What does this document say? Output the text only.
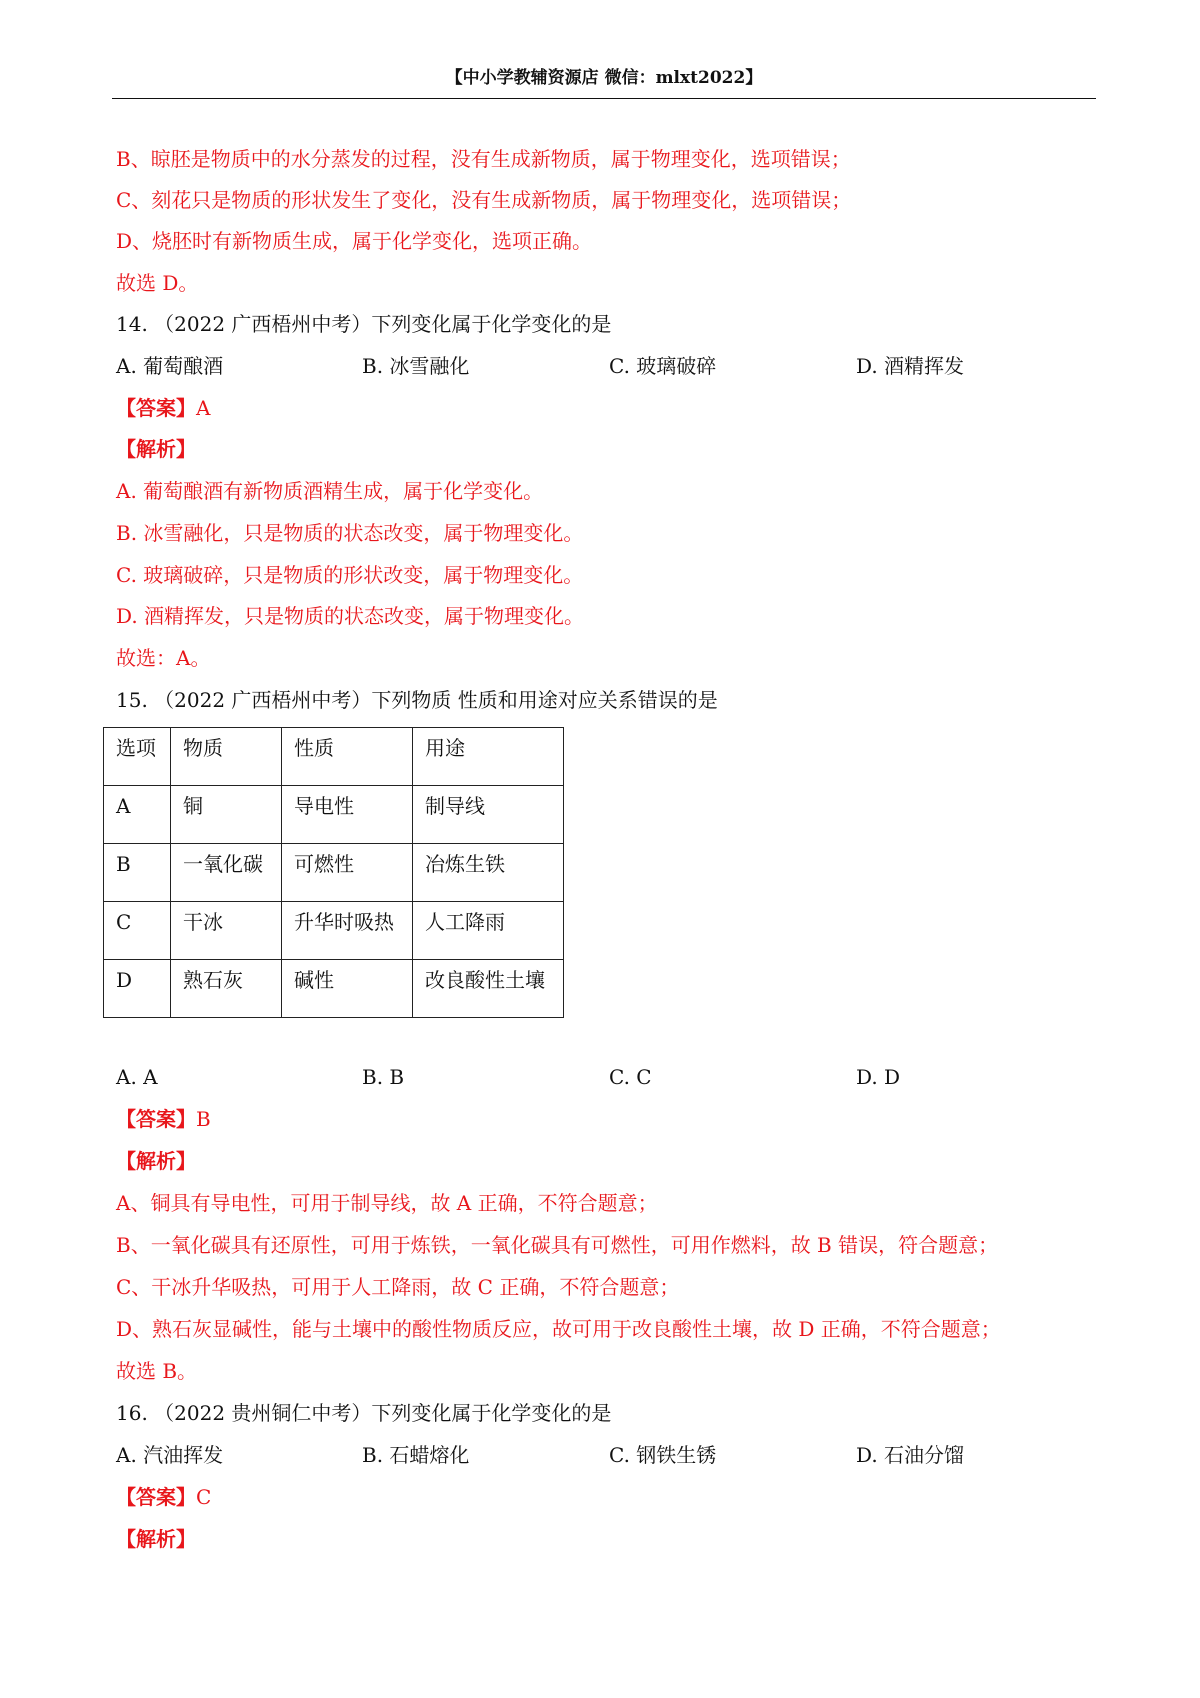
【中小学教辅资源店 微信：mlxt2022】
B、晾胚是物质中的水分蒸发的过程，没有生成新物质，属于物理变化，选项错误；
C、刻花只是物质的形状发生了变化，没有生成新物质，属于物理变化，选项错误；
D、烧胚时有新物质生成，属于化学变化，选项正确。
故选 D。
14. （2022 广西梧州中考）下列变化属于化学变化的是
A. 葡萄酿酒	B. 冰雪融化	C. 玻璃破碎	D. 酒精挥发
【答案】A
【解析】
A. 葡萄酿酒有新物质酒精生成，属于化学变化。
B. 冰雪融化，只是物质的状态改变，属于物理变化。
C. 玻璃破碎，只是物质的形状改变，属于物理变化。
D. 酒精挥发，只是物质的状态改变，属于物理变化。
故选：A。
15. （2022 广西梧州中考）下列物质 性质和用途对应关系错误的是
选项	物质	性质	用途
A	铜	导电性	制导线
B	一氧化碳	可燃性	冶炼生铁
C	干冰	升华时吸热	人工降雨
D	熟石灰	碱性	改良酸性土壤
A. A	B. B	C. C	D. D
【答案】B
【解析】
A、铜具有导电性，可用于制导线，故 A 正确，不符合题意；
B、一氧化碳具有还原性，可用于炼铁，一氧化碳具有可燃性，可用作燃料，故 B 错误，符合题意；
C、干冰升华吸热，可用于人工降雨，故 C 正确，不符合题意；
D、熟石灰显碱性，能与土壤中的酸性物质反应，故可用于改良酸性土壤，故 D 正确，不符合题意；
故选 B。
16. （2022 贵州铜仁中考）下列变化属于化学变化的是
A. 汽油挥发	B. 石蜡熔化	C. 钢铁生锈	D. 石油分馏
【答案】C
【解析】
